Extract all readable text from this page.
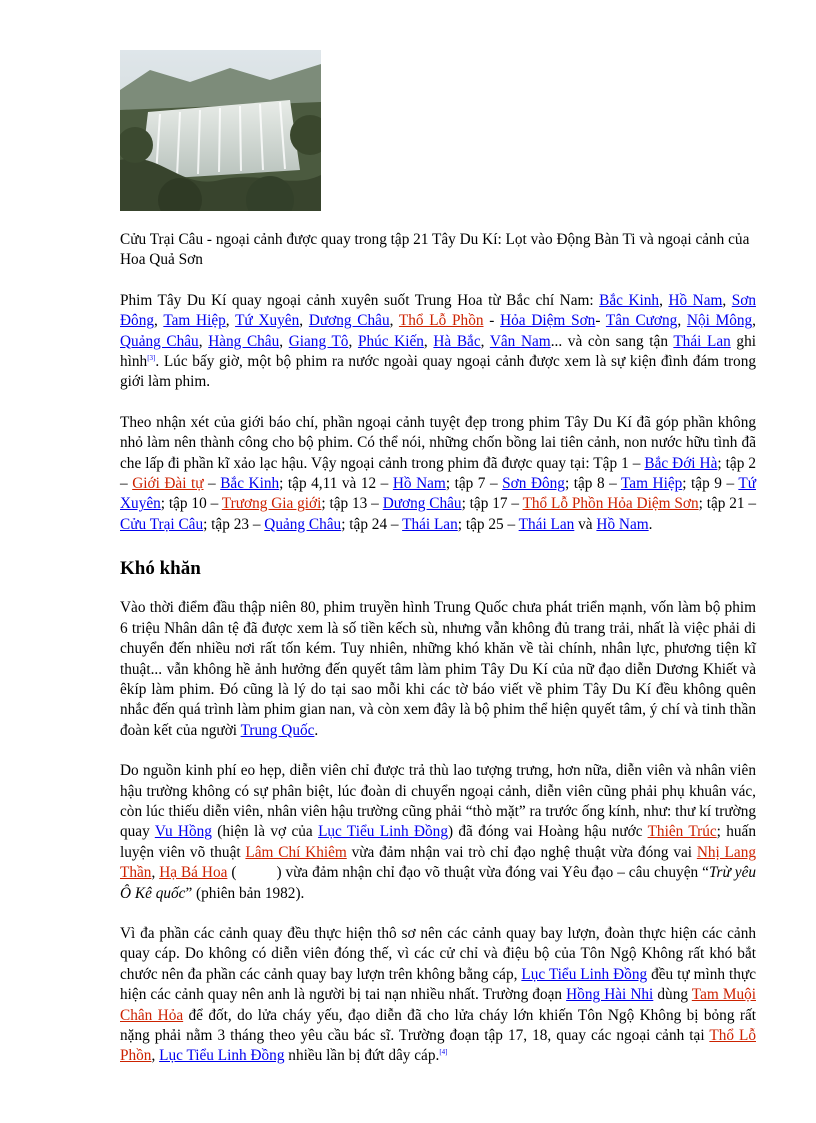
Cửu Trại Câu - ngoại cảnh được quay trong tập 21 Tây Du Kí: Lọt vào Động Bàn Ti và ngoại cảnh của Hoa Quả Sơn

Phim Tây Du Kí quay ngoại cảnh xuyên suốt Trung Hoa từ Bắc chí Nam: Bắc Kinh, Hồ Nam, Sơn Đông, Tam Hiệp, Tứ Xuyên, Dương Châu, Thổ Lỗ Phồn - Hỏa Diệm Sơn- Tân Cương, Nội Mông, Quảng Châu, Hàng Châu, Giang Tô, Phúc Kiến, Hà Bắc, Vân Nam... và còn sang tận Thái Lan ghi hình[3]. Lúc bấy giờ, một bộ phim ra nước ngoài quay ngoại cảnh được xem là sự kiện đình đám trong giới làm phim.

Theo nhận xét của giới báo chí, phần ngoại cảnh tuyệt đẹp trong phim Tây Du Kí đã góp phần không nhỏ làm nên thành công cho bộ phim. Có thể nói, những chốn bồng lai tiên cảnh, non nước hữu tình đã che lấp đi phần kĩ xảo lạc hậu. Vậy ngoại cảnh trong phim đã được quay tại: Tập 1 – Bắc Đới Hà; tập 2 – Giới Đài tự – Bắc Kinh; tập 4,11 và 12 – Hồ Nam; tập 7 – Sơn Đông; tập 8 – Tam Hiệp; tập 9 – Tứ Xuyên; tập 10 – Trương Gia giới; tập 13 – Dương Châu; tập 17 – Thổ Lỗ Phồn Hỏa Diệm Sơn; tập 21 – Cửu Trại Câu; tập 23 – Quảng Châu; tập 24 – Thái Lan; tập 25 – Thái Lan và Hồ Nam.

Khó khăn

Vào thời điểm đầu thập niên 80, phim truyền hình Trung Quốc chưa phát triển mạnh, vốn làm bộ phim 6 triệu Nhân dân tệ đã được xem là số tiền kếch sù, nhưng vẫn không đủ trang trải, nhất là việc phải di chuyển đến nhiều nơi rất tốn kém. Tuy nhiên, những khó khăn về tài chính, nhân lực, phương tiện kĩ thuật... vẫn không hề ảnh hưởng đến quyết tâm làm phim Tây Du Kí của nữ đạo diễn Dương Khiết và êkíp làm phim. Đó cũng là lý do tại sao mỗi khi các tờ báo viết về phim Tây Du Kí đều không quên nhắc đến quá trình làm phim gian nan, và còn xem đây là bộ phim thể hiện quyết tâm, ý chí và tinh thần đoàn kết của người Trung Quốc.

Do nguồn kinh phí eo hẹp, diễn viên chỉ được trả thù lao tượng trưng, hơn nữa, diễn viên và nhân viên hậu trường không có sự phân biệt, lúc đoàn di chuyển ngoại cảnh, diễn viên cũng phải phụ khuân vác, còn lúc thiếu diễn viên, nhân viên hậu trường cũng phải “thò mặt” ra trước ống kính, như: thư kí trường quay Vu Hồng (hiện là vợ của Lục Tiểu Linh Đồng) đã đóng vai Hoàng hậu nước Thiên Trúc; huấn luyện viên võ thuật Lâm Chí Khiêm vừa đảm nhận vai trò chỉ đạo nghệ thuật vừa đóng vai Nhị Lang Thần, Hạ Bá Hoa (	) vừa đảm nhận chỉ đạo võ thuật vừa đóng vai Yêu đạo – câu chuyện “Trừ yêu Ô Kê quốc” (phiên bản 1982).

Vì đa phần các cảnh quay đều thực hiện thô sơ nên các cảnh quay bay lượn, đoàn thực hiện các cảnh quay cáp. Do không có diễn viên đóng thế, vì các cử chỉ và điệu bộ của Tôn Ngộ Không rất khó bắt chước nên đa phần các cảnh quay bay lượn trên không bằng cáp, Lục Tiểu Linh Đồng đều tự mình thực hiện các cảnh quay nên anh là người bị tai nạn nhiều nhất. Trường đoạn Hồng Hài Nhi dùng Tam Muội Chân Hỏa để đốt, do lửa cháy yếu, đạo diễn đã cho lửa cháy lớn khiến Tôn Ngộ Không bị bỏng rất nặng phải nằm 3 tháng theo yêu cầu bác sĩ. Trường đoạn tập 17, 18, quay các ngoại cảnh tại Thổ Lỗ Phồn, Lục Tiểu Linh Đồng nhiều lần bị đứt dây cáp.[4]
